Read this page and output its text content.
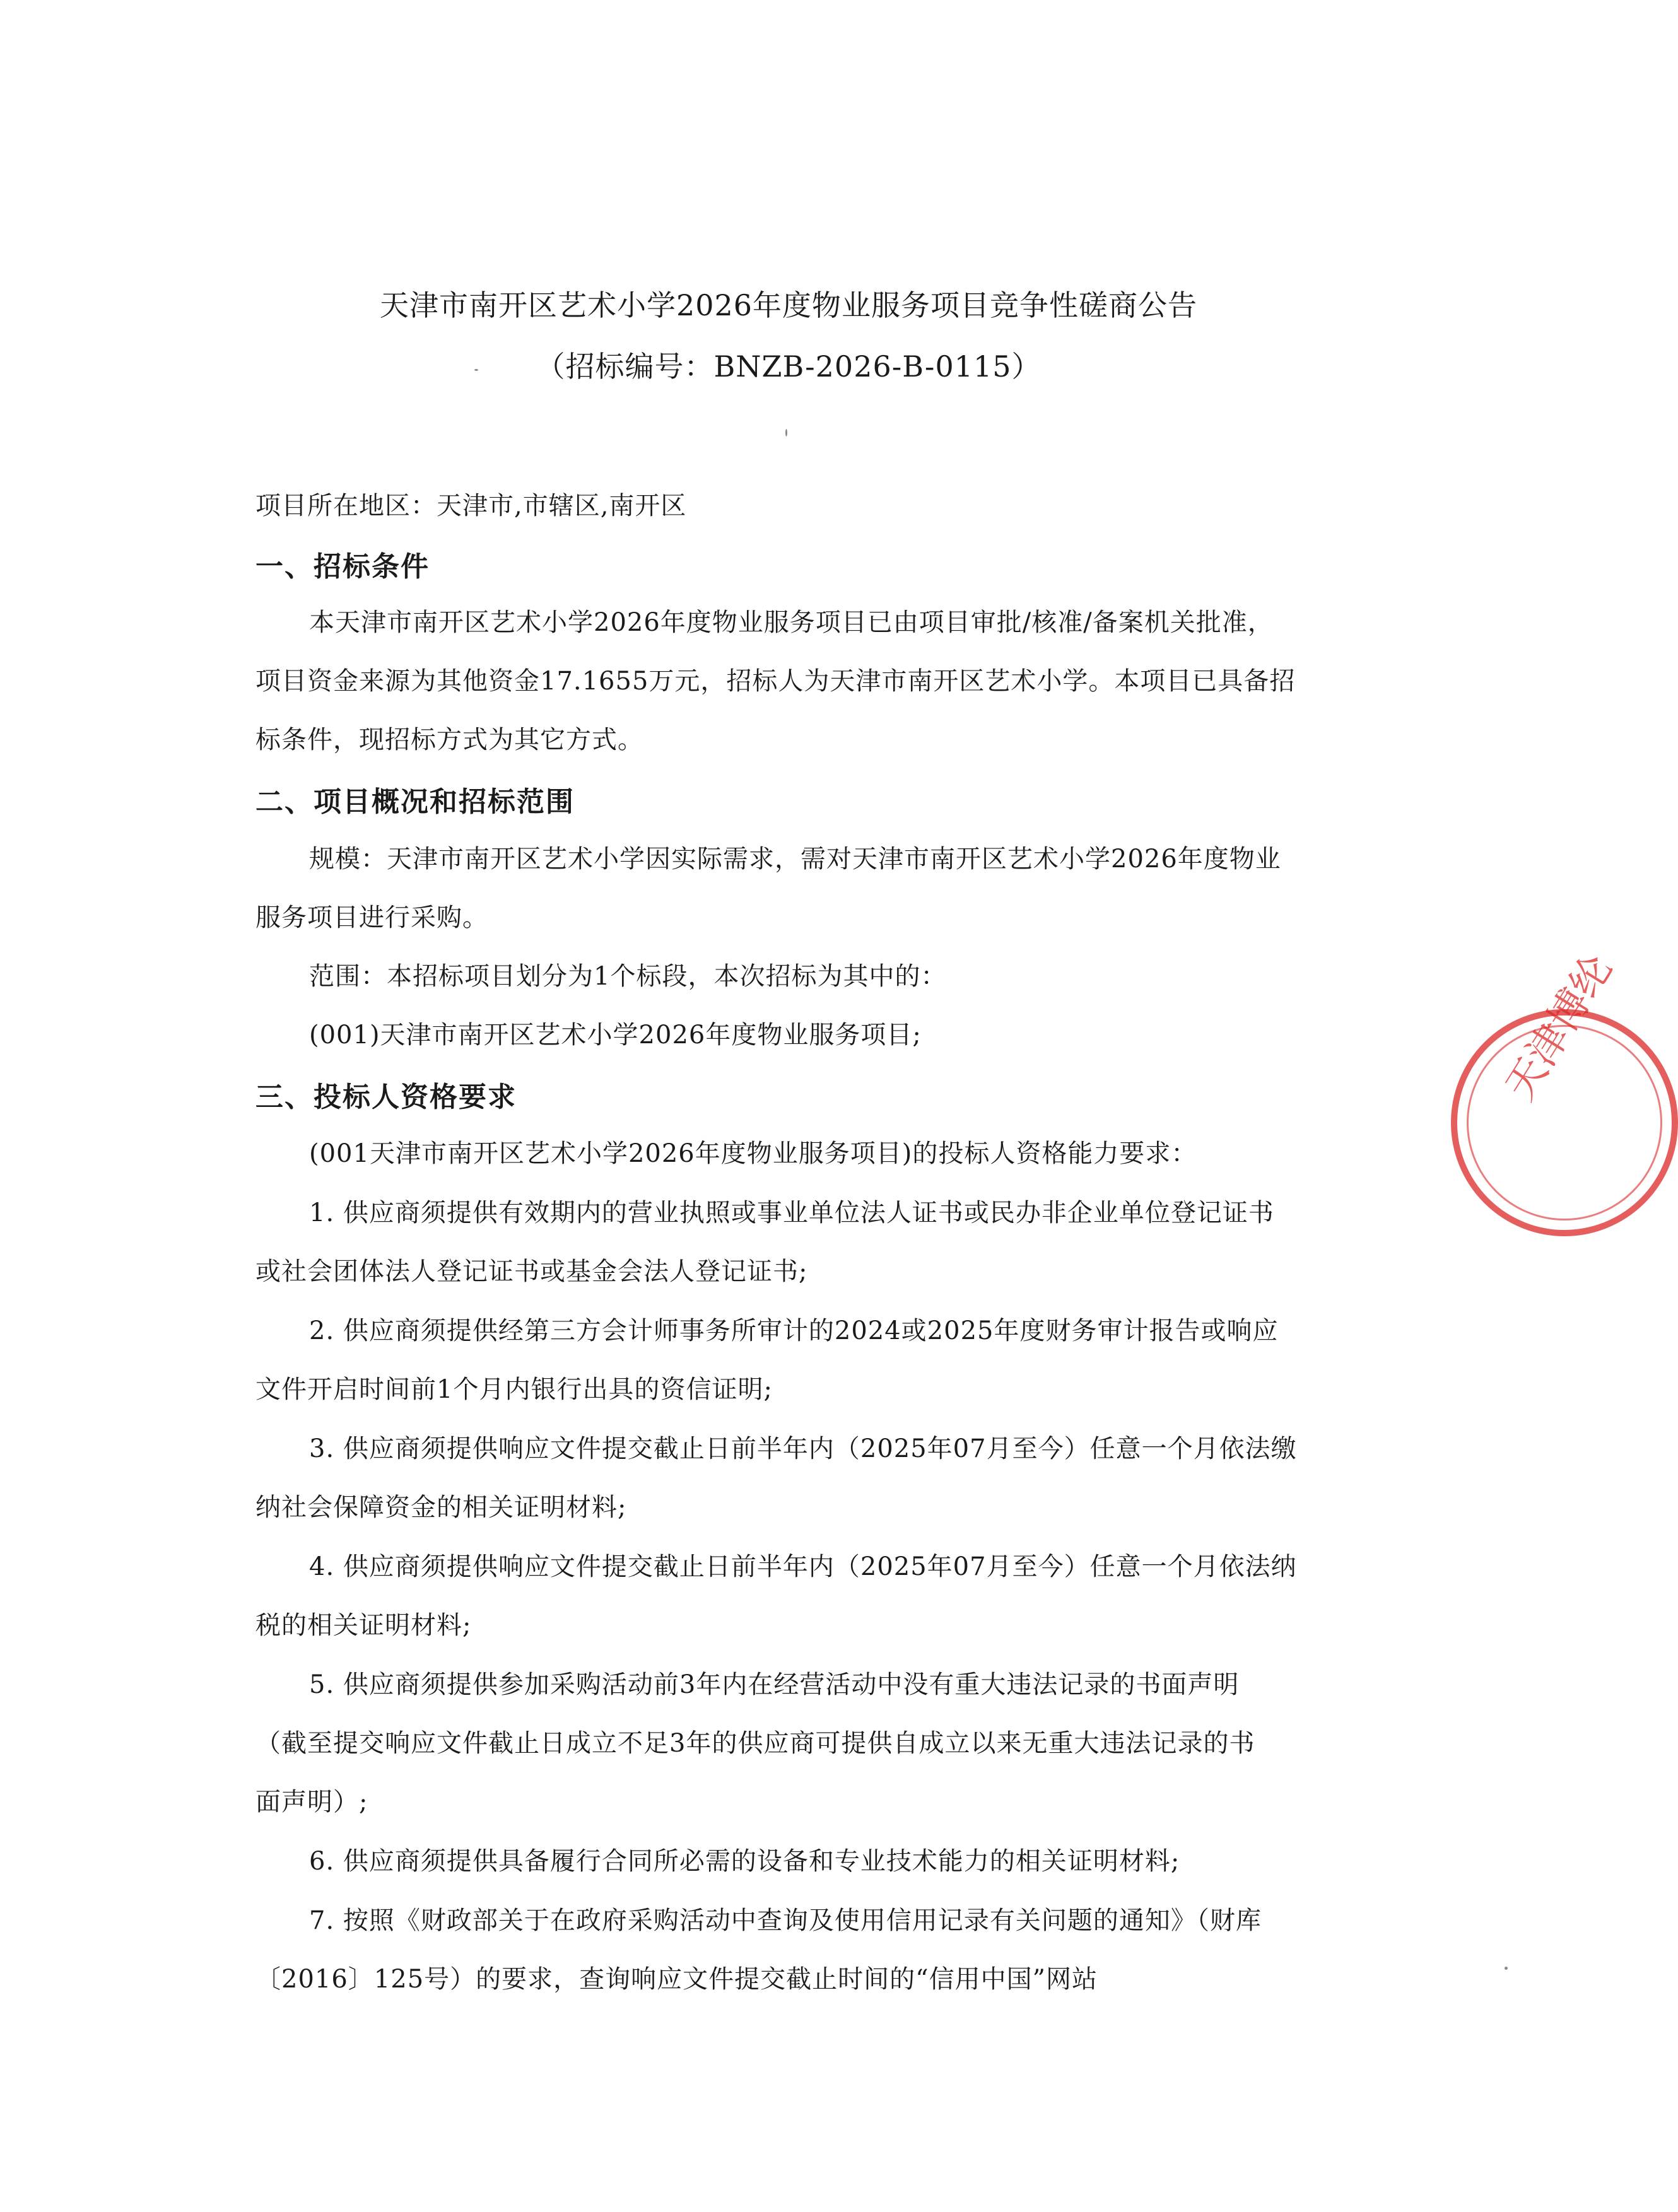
天津市南开区艺术小学2026年度物业服务项目竞争性磋商公告
（招标编号：BNZB-2026-B-0115）
项目所在地区：天津市,市辖区,南开区
一、招标条件
本天津市南开区艺术小学2026年度物业服务项目已由项目审批/核准/备案机关批准，
项目资金来源为其他资金17.1655万元，招标人为天津市南开区艺术小学。本项目已具备招
标条件，现招标方式为其它方式。
二、项目概况和招标范围
规模：天津市南开区艺术小学因实际需求，需对天津市南开区艺术小学2026年度物业
服务项目进行采购。
范围：本招标项目划分为1个标段，本次招标为其中的：
(001)天津市南开区艺术小学2026年度物业服务项目;
三、投标人资格要求
(001天津市南开区艺术小学2026年度物业服务项目)的投标人资格能力要求：
1. 供应商须提供有效期内的营业执照或事业单位法人证书或民办非企业单位登记证书
或社会团体法人登记证书或基金会法人登记证书;
2. 供应商须提供经第三方会计师事务所审计的2024或2025年度财务审计报告或响应
文件开启时间前1个月内银行出具的资信证明;
3. 供应商须提供响应文件提交截止日前半年内（2025年07月至今）任意一个月依法缴
纳社会保障资金的相关证明材料;
4. 供应商须提供响应文件提交截止日前半年内（2025年07月至今）任意一个月依法纳
税的相关证明材料;
5. 供应商须提供参加采购活动前3年内在经营活动中没有重大违法记录的书面声明
（截至提交响应文件截止日成立不足3年的供应商可提供自成立以来无重大违法记录的书
面声明）;
6. 供应商须提供具备履行合同所必需的设备和专业技术能力的相关证明材料;
7. 按照《财政部关于在政府采购活动中查询及使用信用记录有关问题的通知》（财库
〔2016〕125号）的要求，查询响应文件提交截止时间的“信用中国”网站
天津博纶
